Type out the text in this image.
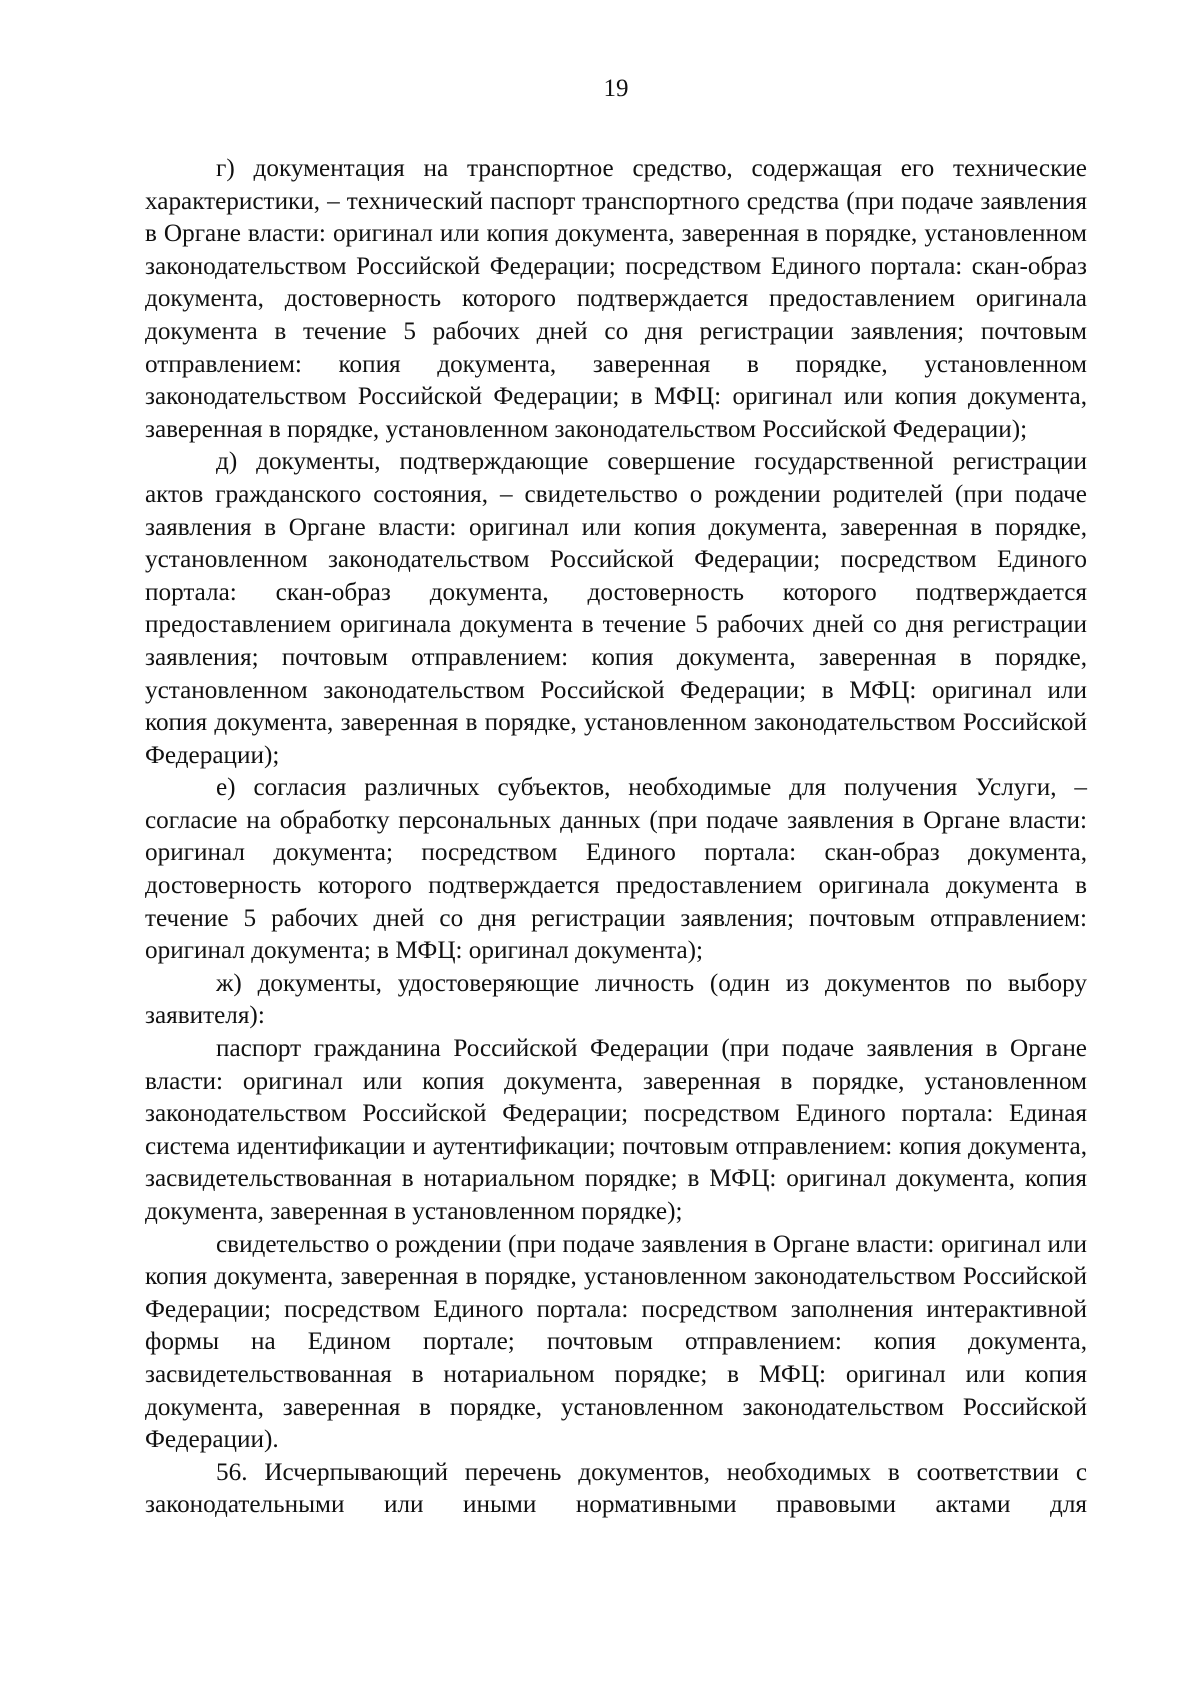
19

г) документация на транспортное средство, содержащая его технические характеристики, – технический паспорт транспортного средства (при подаче заявления в Органе власти: оригинал или копия документа, заверенная в порядке, установленном законодательством Российской Федерации; посредством Единого портала: скан-образ документа, достоверность которого подтверждается предоставлением оригинала документа в течение 5 рабочих дней со дня регистрации заявления; почтовым отправлением: копия документа, заверенная в порядке, установленном законодательством Российской Федерации; в МФЦ: оригинал или копия документа, заверенная в порядке, установленном законодательством Российской Федерации);

д) документы, подтверждающие совершение государственной регистрации актов гражданского состояния, – свидетельство о рождении родителей (при подаче заявления в Органе власти: оригинал или копия документа, заверенная в порядке, установленном законодательством Российской Федерации; посредством Единого портала: скан-образ документа, достоверность которого подтверждается предоставлением оригинала документа в течение 5 рабочих дней со дня регистрации заявления; почтовым отправлением: копия документа, заверенная в порядке, установленном законодательством Российской Федерации; в МФЦ: оригинал или копия документа, заверенная в порядке, установленном законодательством Российской Федерации);

е) согласия различных субъектов, необходимые для получения Услуги, – согласие на обработку персональных данных (при подаче заявления в Органе власти: оригинал документа; посредством Единого портала: скан-образ документа, достоверность которого подтверждается предоставлением оригинала документа в течение 5 рабочих дней со дня регистрации заявления; почтовым отправлением: оригинал документа; в МФЦ: оригинал документа);

ж) документы, удостоверяющие личность (один из документов по выбору заявителя):

паспорт гражданина Российской Федерации (при подаче заявления в Органе власти: оригинал или копия документа, заверенная в порядке, установленном законодательством Российской Федерации; посредством Единого портала: Единая система идентификации и аутентификации; почтовым отправлением: копия документа, засвидетельствованная в нотариальном порядке; в МФЦ: оригинал документа, копия документа, заверенная в установленном порядке);

свидетельство о рождении (при подаче заявления в Органе власти: оригинал или копия документа, заверенная в порядке, установленном законодательством Российской Федерации; посредством Единого портала: посредством заполнения интерактивной формы на Едином портале; почтовым отправлением: копия документа, засвидетельствованная в нотариальном порядке; в МФЦ: оригинал или копия документа, заверенная в порядке, установленном законодательством Российской Федерации).

56. Исчерпывающий перечень документов, необходимых в соответствии с законодательными или иными нормативными правовыми актами для
